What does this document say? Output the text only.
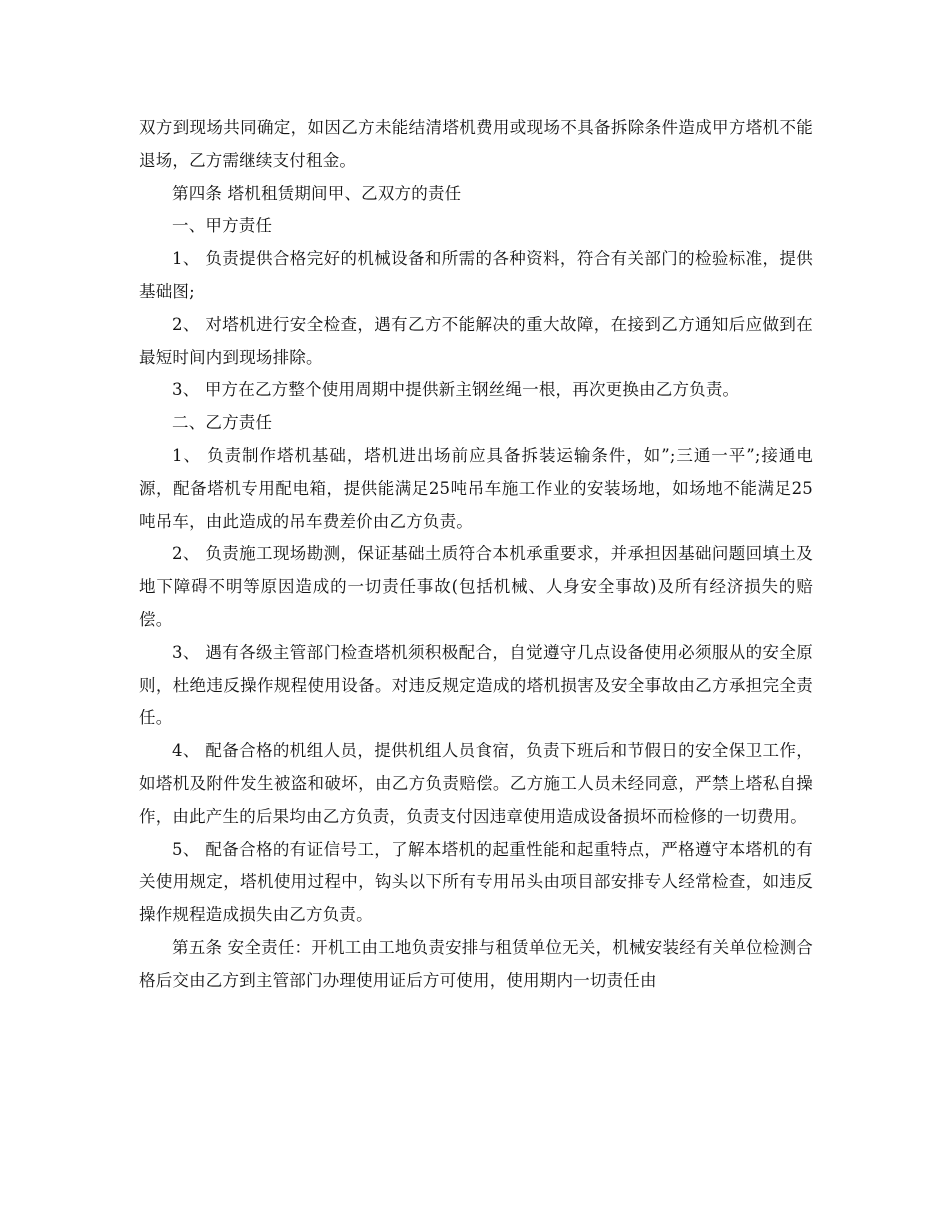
双方到现场共同确定，如因乙方未能结清塔机费用或现场不具备拆除条件造成甲方塔机不能退场，乙方需继续支付租金。

第四条 塔机租赁期间甲、乙双方的责任

一、甲方责任

1、 负责提供合格完好的机械设备和所需的各种资料，符合有关部门的检验标准，提供基础图;

2、 对塔机进行安全检查，遇有乙方不能解决的重大故障，在接到乙方通知后应做到在最短时间内到现场排除。

3、 甲方在乙方整个使用周期中提供新主钢丝绳一根，再次更换由乙方负责。

二、乙方责任

1、 负责制作塔机基础，塔机进出场前应具备拆装运输条件，如”;三通一平”;接通电源，配备塔机专用配电箱，提供能满足25吨吊车施工作业的安装场地，如场地不能满足25吨吊车，由此造成的吊车费差价由乙方负责。

2、 负责施工现场勘测，保证基础土质符合本机承重要求，并承担因基础问题回填土及地下障碍不明等原因造成的一切责任事故(包括机械、人身安全事故)及所有经济损失的赔偿。

3、 遇有各级主管部门检查塔机须积极配合，自觉遵守几点设备使用必须服从的安全原则，杜绝违反操作规程使用设备。对违反规定造成的塔机损害及安全事故由乙方承担完全责任。

4、 配备合格的机组人员，提供机组人员食宿，负责下班后和节假日的安全保卫工作，如塔机及附件发生被盗和破坏，由乙方负责赔偿。乙方施工人员未经同意，严禁上塔私自操作，由此产生的后果均由乙方负责，负责支付因违章使用造成设备损坏而检修的一切费用。

5、 配备合格的有证信号工，了解本塔机的起重性能和起重特点，严格遵守本塔机的有关使用规定，塔机使用过程中，钩头以下所有专用吊头由项目部安排专人经常检查，如违反操作规程造成损失由乙方负责。

第五条 安全责任：开机工由工地负责安排与租赁单位无关，机械安装经有关单位检测合格后交由乙方到主管部门办理使用证后方可使用，使用期内一切责任由
